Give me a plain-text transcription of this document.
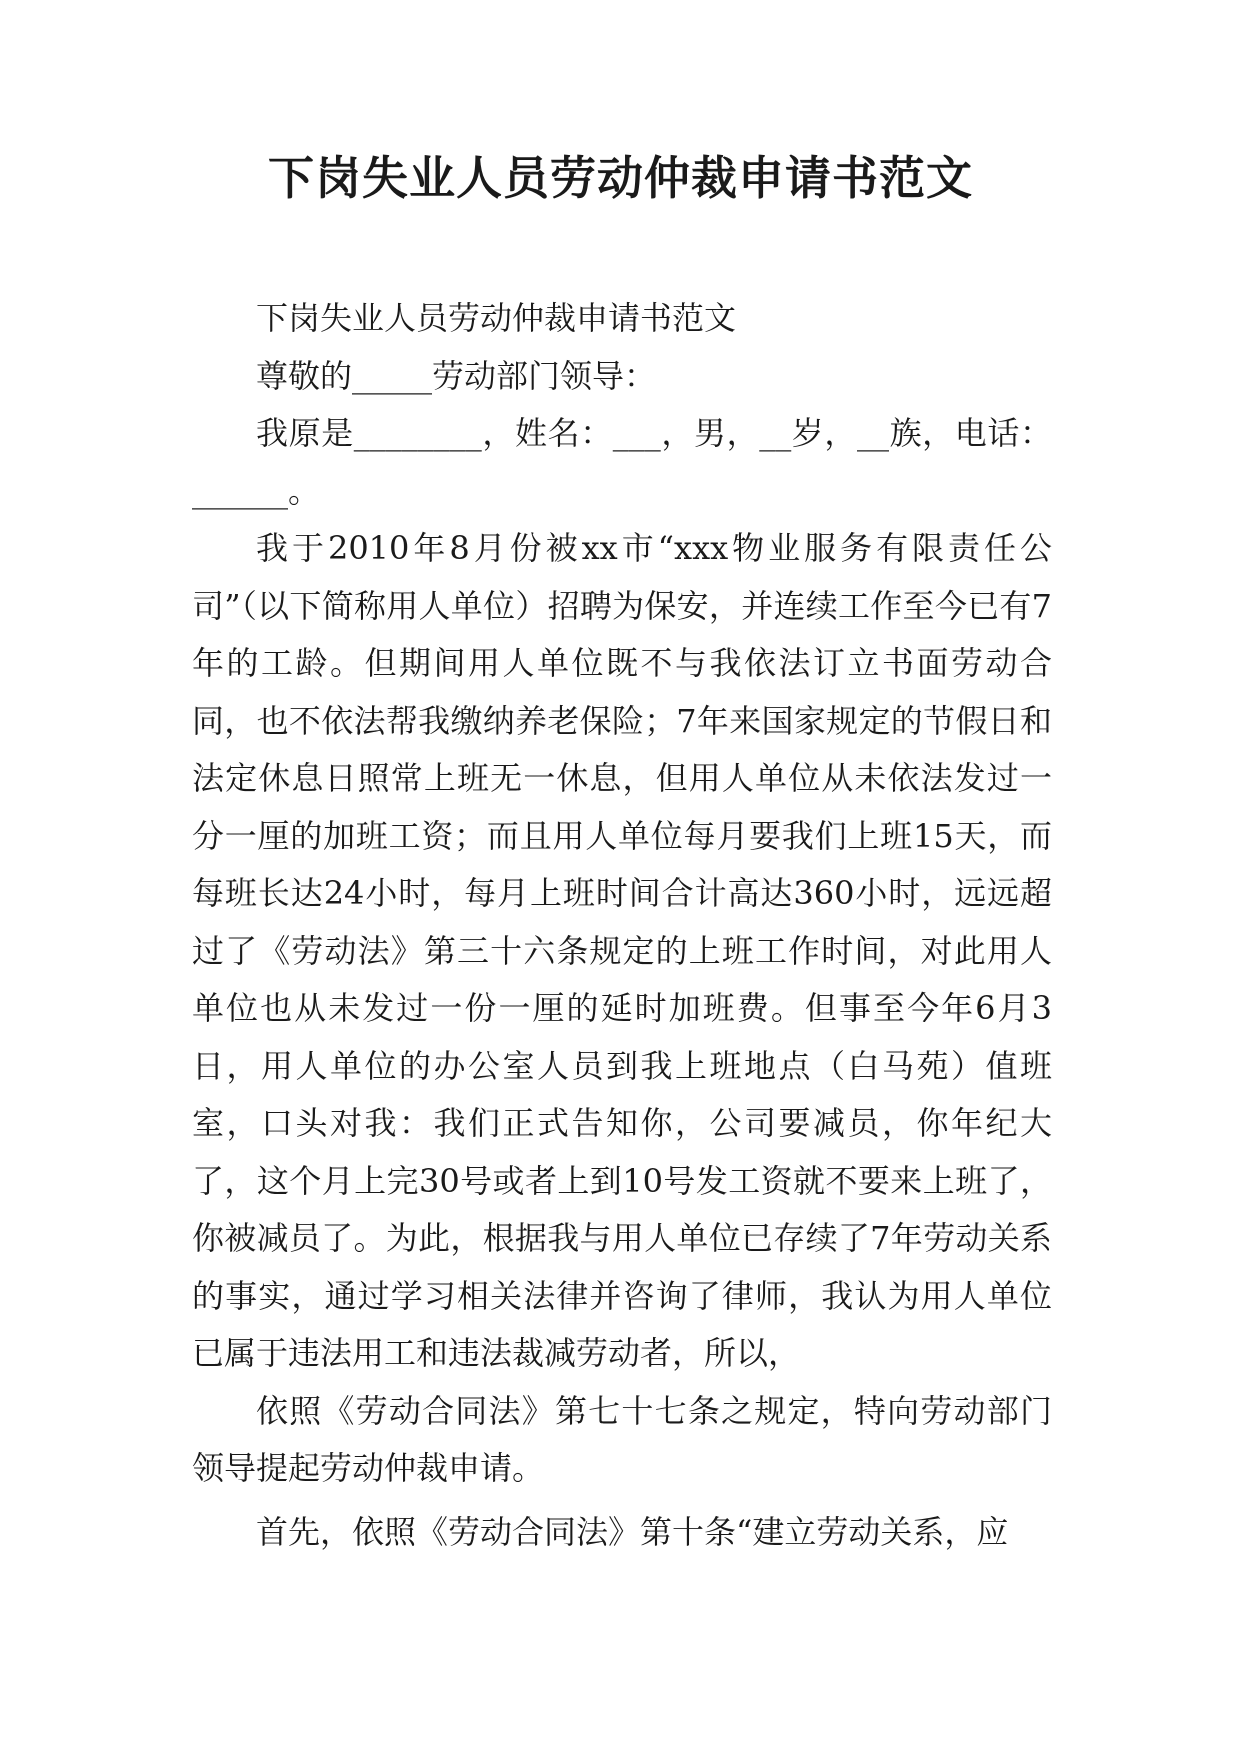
下岗失业人员劳动仲裁申请书范文

下岗失业人员劳动仲裁申请书范文

尊敬的_____劳动部门领导：

我原是________，姓名：___，男，__岁，__族，电话：______。

我于2010年8月份被xx市“xxx物业服务有限责任公司”（以下简称用人单位）招聘为保安，并连续工作至今已有7年的工龄。但期间用人单位既不与我依法订立书面劳动合同，也不依法帮我缴纳养老保险；7年来国家规定的节假日和法定休息日照常上班无一休息，但用人单位从未依法发过一分一厘的加班工资；而且用人单位每月要我们上班15天，而每班长达24小时，每月上班时间合计高达360小时，远远超过了《劳动法》第三十六条规定的上班工作时间，对此用人单位也从未发过一份一厘的延时加班费。但事至今年6月3日，用人单位的办公室人员到我上班地点（白马苑）值班室，口头对我：我们正式告知你，公司要减员，你年纪大了，这个月上完30号或者上到10号发工资就不要来上班了，你被减员了。为此，根据我与用人单位已存续了7年劳动关系的事实，通过学习相关法律并咨询了律师，我认为用人单位已属于违法用工和违法裁减劳动者，所以，

依照《劳动合同法》第七十七条之规定，特向劳动部门领导提起劳动仲裁申请。

首先，依照《劳动合同法》第十条“建立劳动关系，应
